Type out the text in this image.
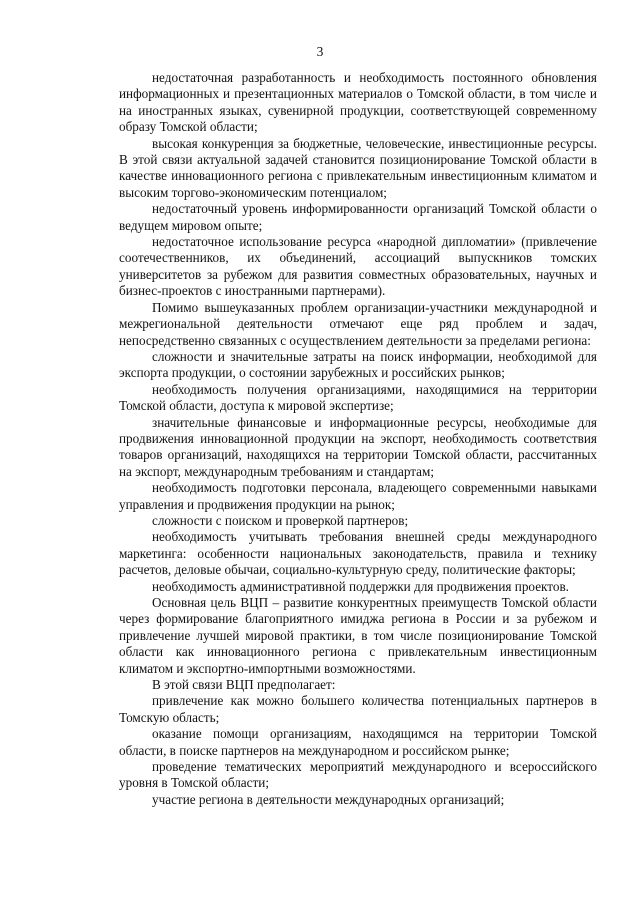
3

недостаточная разработанность и необходимость постоянного обновления информационных и презентационных материалов о Томской области, в том числе и на иностранных языках, сувенирной продукции, соответствующей современному образу Томской области;

высокая конкуренция за бюджетные, человеческие, инвестиционные ресурсы. В этой связи актуальной задачей становится позиционирование Томской области в качестве инновационного региона с привлекательным инвестиционным климатом и высоким торгово-экономическим потенциалом;

недостаточный уровень информированности организаций Томской области о ведущем мировом опыте;

недостаточное использование ресурса «народной дипломатии» (привлечение соотечественников, их объединений, ассоциаций выпускников томских университетов за рубежом для развития совместных образовательных, научных и бизнес-проектов с иностранными партнерами).

Помимо вышеуказанных проблем организации-участники международной и межрегиональной деятельности отмечают еще ряд проблем и задач, непосредственно связанных с осуществлением деятельности за пределами региона:

сложности и значительные затраты на поиск информации, необходимой для экспорта продукции, о состоянии зарубежных и российских рынков;

необходимость получения организациями, находящимися на территории Томской области, доступа к мировой экспертизе;

значительные финансовые и информационные ресурсы, необходимые для продвижения инновационной продукции на экспорт, необходимость соответствия товаров организаций, находящихся на территории Томской области, рассчитанных на экспорт, международным требованиям и стандартам;

необходимость подготовки персонала, владеющего современными навыками управления и продвижения продукции на рынок;

сложности с поиском и проверкой партнеров;

необходимость учитывать требования внешней среды международного маркетинга: особенности национальных законодательств, правила и технику расчетов, деловые обычаи, социально-культурную среду, политические факторы;

необходимость административной поддержки для продвижения проектов.

Основная цель ВЦП – развитие конкурентных преимуществ Томской области через формирование благоприятного имиджа региона в России и за рубежом и привлечение лучшей мировой практики, в том числе позиционирование Томской области как инновационного региона с привлекательным инвестиционным климатом и экспортно-импортными возможностями.

В этой связи ВЦП предполагает:

привлечение как можно большего количества потенциальных партнеров в Томскую область;

оказание помощи организациям, находящимся на территории Томской области, в поиске партнеров на международном и российском рынке;

проведение тематических мероприятий международного и всероссийского уровня в Томской области;

участие региона в деятельности международных организаций;
